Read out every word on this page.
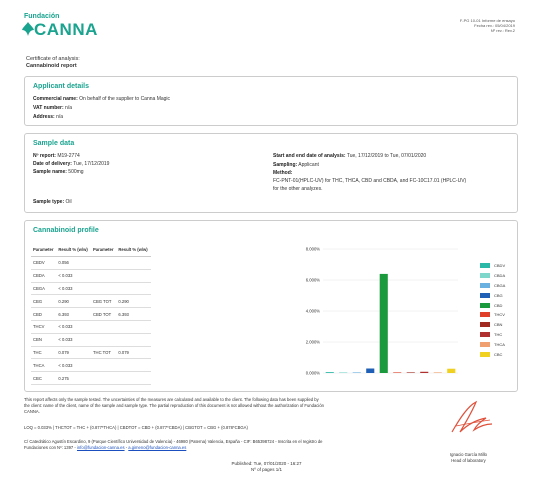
Fundación
CANNA	F-PG 10-01 Informe de ensayo
Fecha rev.: 05/04/2019
Nº rev.: Rev.2
Certificate of analysis:
Cannabinoid report
Applicant details
Commercial name: On behalf of the supplier to Canna Magic
VAT number: n/a
Address: n/a
Sample data
Nº report: M19-2774
Date of delivery: Tue, 17/12/2019
Sample name: 500mg
Sample type: Oil
Start and end date of analysis: Tue, 17/12/2019 to Tue, 07/01/2020
Sampling: Applicant
Method:
FC-PNT-01(HPLC-UV) for THC, THCA, CBD and CBDA, and FC-10C17.01 (HPLC-UV)
for the other analyzes.
Cannabinoid profile
Parameter	Result % (w/w)	Parameter	Result % (w/w)
CBDV	0.056		
CBDA	< 0.033		
CBGA	< 0.033		
CBG	0.290	CBG TOT	0.290
CBD	6.393	CBD TOT	6.393
THCV	< 0.033		
CBN	< 0.033		
THC	0.079	THC TOT	0.079
THCA	< 0.033		
CBC	0.275		
0.000%
2.000%
4.000%
6.000%
8.000%
CBDV
CBDA
CBGA
CBG
CBD
THCV
CBN
THC
THCA
CBC
This report affects only the sample tested. The uncertainties of the measures are calculated and available to the client. The following data has been supplied by
the client: name of the client, name of the sample and sample type. The partial reproduction of this document is not allowed without the authorization of Fundación
CANNA.
LOQ = 0.033% | THCTOT = THC + (0.877*THCA) | CBDTOT = CBD + (0.877*CBDA) | CBGTOT = CBG + (0.878*CBGA)
C/ Catedrático Agustín Escardino, 9 (Parque Científico Universidad de Valencia) - 46980 (Paterna) Valencia, España - CIF: B65398724 - Inscrita en el registro de
Fundaciones con Nº: 1397 - info@fundacion-canna.es - a.gimeno@fundacion-canna.es
Ignacio García Millo
Head of laboratory
Published: Tue, 07/01/2020 - 16:27
Nº of pages 1/1
